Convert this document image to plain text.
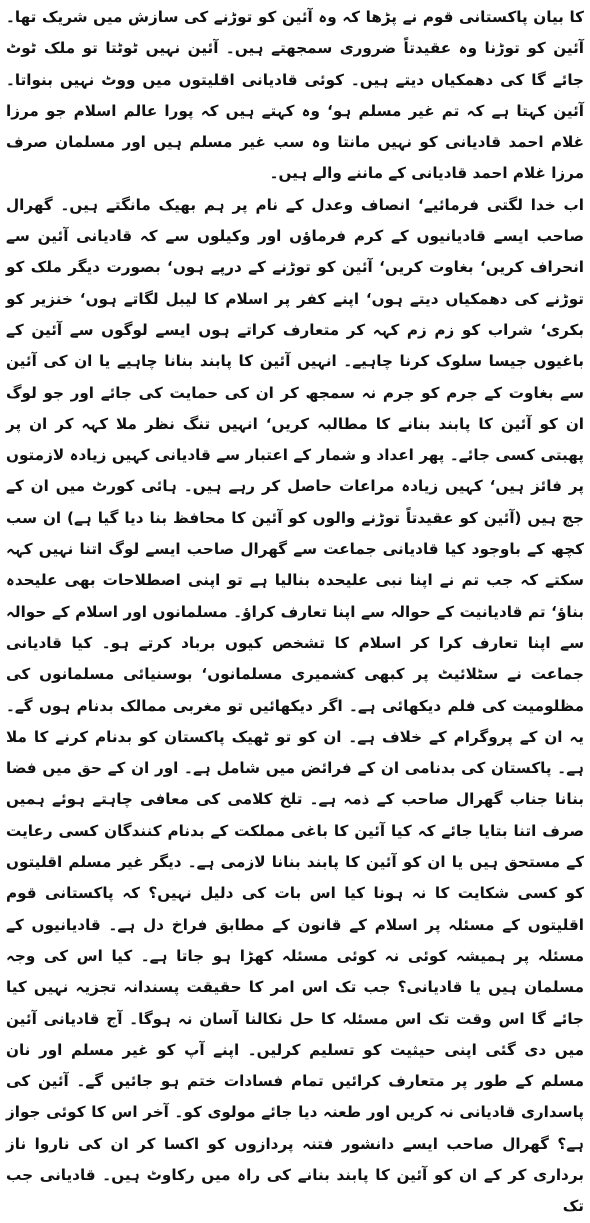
کا بیان پاکستانی قوم نے پڑھا کہ وہ آئین کو توڑنے کی سازش میں شریک تھا۔ آئین کو توڑنا وہ عقیدتاً ضروری سمجھتے ہیں۔ آئین نہیں ٹوٹتا تو ملک ٹوٹ جائے گا کی دھمکیاں دیتے ہیں۔ کوئی قادیانی اقلیتوں میں ووٹ نہیں بنواتا۔ آئین کہتا ہے کہ تم غیر مسلم ہو‘ وہ کہتے ہیں کہ پورا عالم اسلام جو مرزا غلام احمد قادیانی کو نہیں مانتا وہ سب غیر مسلم ہیں اور مسلمان صرف مرزا غلام احمد قادیانی کے ماننے والے ہیں۔

اب خدا لگتی فرمائیے‘ انصاف وعدل کے نام پر ہم بھیک مانگتے ہیں۔ گھرال صاحب ایسے قادیانیوں کے کرم فرماؤں اور وکیلوں سے کہ قادیانی آئین سے انحراف کریں‘ بغاوت کریں‘ آئین کو توڑنے کے درپے ہوں‘ بصورت دیگر ملک کو توڑنے کی دھمکیاں دیتے ہوں‘ اپنے کفر پر اسلام کا لیبل لگاتے ہوں‘ خنزیر کو بکری‘ شراب کو زم زم کہہ کر متعارف کراتے ہوں ایسے لوگوں سے آئین کے باغیوں جیسا سلوک کرنا چاہیے۔ انہیں آئین کا پابند بنانا چاہیے یا ان کی آئین سے بغاوت کے جرم کو جرم نہ سمجھ کر ان کی حمایت کی جائے اور جو لوگ ان کو آئین کا پابند بنانے کا مطالبہ کریں‘ انہیں تنگ نظر ملا کہہ کر ان پر پھبتی کسی جائے۔ پھر اعداد و شمار کے اعتبار سے قادیانی کہیں زیادہ لازمتوں پر فائز ہیں‘ کہیں زیادہ مراعات حاصل کر رہے ہیں۔ ہائی کورٹ میں ان کے جج ہیں (آئین کو عقیدتاً توڑنے والوں کو آئین کا محافظ بنا دیا گیا ہے) ان سب کچھ کے باوجود کیا قادیانی جماعت سے گھرال صاحب ایسے لوگ اتنا نہیں کہہ سکتے کہ جب تم نے اپنا نبی علیحدہ بنالیا ہے تو اپنی اصطلاحات بھی علیحدہ بناؤ‘ تم قادیانیت کے حوالہ سے اپنا تعارف کراؤ۔ مسلمانوں اور اسلام کے حوالہ سے اپنا تعارف کرا کر اسلام کا تشخص کیوں برباد کرتے ہو۔ کیا قادیانی جماعت نے سٹلائیٹ پر کبھی کشمیری مسلمانوں‘ بوسنیائی مسلمانوں کی مظلومیت کی فلم دیکھائی ہے۔ اگر دیکھائیں تو مغربی ممالک بدنام ہوں گے۔ یہ ان کے پروگرام کے خلاف ہے۔ ان کو تو ٹھیک پاکستان کو بدنام کرنے کا ملا ہے۔ پاکستان کی بدنامی ان کے فرائض میں شامل ہے۔ اور ان کے حق میں فضا بنانا جناب گھرال صاحب کے ذمہ ہے۔ تلخ کلامی کی معافی چاہتے ہوئے ہمیں صرف اتنا بتایا جائے کہ کیا آئین کا باغی مملکت کے بدنام کنندگان کسی رعایت کے مستحق ہیں یا ان کو آئین کا پابند بنانا لازمی ہے۔ دیگر غیر مسلم اقلیتوں کو کسی شکایت کا نہ ہونا کیا اس بات کی دلیل نہیں؟ کہ پاکستانی قوم اقلیتوں کے مسئلہ پر اسلام کے قانون کے مطابق فراخ دل ہے۔ قادیانیوں کے مسئلہ پر ہمیشہ کوئی نہ کوئی مسئلہ کھڑا ہو جاتا ہے۔ کیا اس کی وجہ مسلمان ہیں یا قادیانی؟ جب تک اس امر کا حقیقت پسندانہ تجزیہ نہیں کیا جائے گا اس وقت تک اس مسئلہ کا حل نکالنا آسان نہ ہوگا۔ آج قادیانی آئین میں دی گئی اپنی حیثیت کو تسلیم کرلیں۔ اپنے آپ کو غیر مسلم اور نان مسلم کے طور پر متعارف کرائیں تمام فسادات ختم ہو جائیں گے۔ آئین کی پاسداری قادیانی نہ کریں اور طعنہ دیا جائے مولوی کو۔ آخر اس کا کوئی جواز ہے؟ گھرال صاحب ایسے دانشور فتنہ پردازوں کو اکسا کر ان کی ناروا ناز برداری کر کے ان کو آئین کا پابند بنانے کی راہ میں رکاوٹ ہیں۔ قادیانی جب تک
